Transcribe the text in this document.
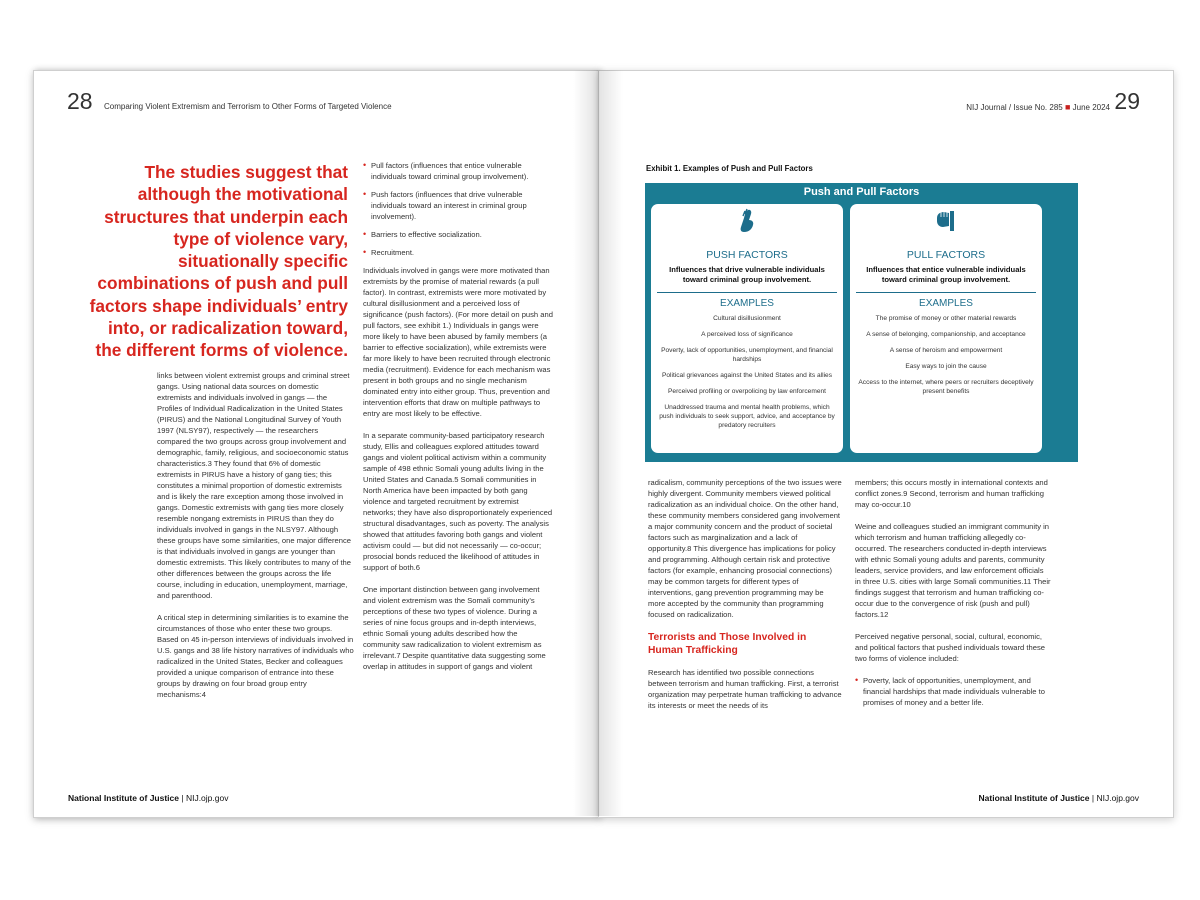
28 Comparing Violent Extremism and Terrorism to Other Forms of Targeted Violence
The studies suggest that although the motivational structures that underpin each type of violence vary, situationally specific combinations of push and pull factors shape individuals’ entry into, or radicalization toward, the different forms of violence.

links between violent extremist groups and criminal street gangs. Using national data sources on domestic extremists and individuals involved in gangs — the Profiles of Individual Radicalization in the United States (PIRUS) and the National Longitudinal Survey of Youth 1997 (NLSY97), respectively — the researchers compared the two groups across group involvement and demographic, family, religious, and socioeconomic status characteristics.3 They found that 6% of domestic extremists in PIRUS have a history of gang ties; this constitutes a minimal proportion of domestic extremists and is likely the rare exception among those involved in gangs. Domestic extremists with gang ties more closely resemble nongang extremists in PIRUS than they do individuals involved in gangs in the NLSY97. Although these groups have some similarities, one major difference is that individuals involved in gangs are younger than domestic extremists. This likely contributes to many of the other differences between the groups across the life course, including in education, unemployment, marriage, and parenthood.

A critical step in determining similarities is to examine the circumstances of those who enter these two groups. Based on 45 in-person interviews of individuals involved in U.S. gangs and 38 life history narratives of individuals who radicalized in the United States, Becker and colleagues provided a unique comparison of entrance into these groups by drawing on four broad group entry mechanisms:4

• Pull factors (influences that entice vulnerable individuals toward criminal group involvement).
• Push factors (influences that drive vulnerable individuals toward an interest in criminal group involvement).
• Barriers to effective socialization.
• Recruitment.

Individuals involved in gangs were more motivated than extremists by the promise of material rewards (a pull factor). In contrast, extremists were more motivated by cultural disillusionment and a perceived loss of significance (push factors). (For more detail on push and pull factors, see exhibit 1.) Individuals in gangs were more likely to have been abused by family members (a barrier to effective socialization), while extremists were far more likely to have been recruited through electronic media (recruitment). Evidence for each mechanism was present in both groups and no single mechanism dominated entry into either group. Thus, prevention and intervention efforts that draw on multiple pathways to entry are most likely to be effective.

In a separate community-based participatory research study, Ellis and colleagues explored attitudes toward gangs and violent political activism within a community sample of 498 ethnic Somali young adults living in the United States and Canada.5 Somali communities in North America have been impacted by both gang violence and targeted recruitment by extremist networks; they have also disproportionately experienced structural disadvantages, such as poverty. The analysis showed that attitudes favoring both gangs and violent activism could — but did not necessarily — co-occur; prosocial bonds reduced the likelihood of attitudes in support of both.6

One important distinction between gang involvement and violent extremism was the Somali community’s perceptions of these two types of violence. During a series of nine focus groups and in-depth interviews, ethnic Somali young adults described how the community saw radicalization to violent extremism as irrelevant.7 Despite quantitative data suggesting some overlap in attitudes in support of gangs and violent

National Institute of Justice | NIJ.ojp.gov
NIJ Journal / Issue No. 285 ■ June 2024 29
Exhibit 1. Examples of Push and Pull Factors
Push and Pull Factors
PUSH FACTORS
Influences that drive vulnerable individuals toward criminal group involvement.
EXAMPLES
Cultural disillusionment
A perceived loss of significance
Poverty, lack of opportunities, unemployment, and financial hardships
Political grievances against the United States and its allies
Perceived profiling or overpolicing by law enforcement
Unaddressed trauma and mental health problems, which push individuals to seek support, advice, and acceptance by predatory recruiters
PULL FACTORS
Influences that entice vulnerable individuals toward criminal group involvement.
EXAMPLES
The promise of money or other material rewards
A sense of belonging, companionship, and acceptance
A sense of heroism and empowerment
Easy ways to join the cause
Access to the internet, where peers or recruiters deceptively present benefits

radicalism, community perceptions of the two issues were highly divergent. Community members viewed political radicalization as an individual choice. On the other hand, these community members considered gang involvement a major community concern and the product of societal factors such as marginalization and a lack of opportunity.8 This divergence has implications for policy and programming. Although certain risk and protective factors (for example, enhancing prosocial connections) may be common targets for different types of interventions, gang prevention programming may be more accepted by the community than programming focused on radicalization.

Terrorists and Those Involved in Human Trafficking

Research has identified two possible connections between terrorism and human trafficking. First, a terrorist organization may perpetrate human trafficking to advance its interests or meet the needs of its

members; this occurs mostly in international contexts and conflict zones.9 Second, terrorism and human trafficking may co-occur.10

Weine and colleagues studied an immigrant community in which terrorism and human trafficking allegedly co-occurred. The researchers conducted in-depth interviews with ethnic Somali young adults and parents, community leaders, service providers, and law enforcement officials in three U.S. cities with large Somali communities.11 Their findings suggest that terrorism and human trafficking co-occur due to the convergence of risk (push and pull) factors.12

Perceived negative personal, social, cultural, economic, and political factors that pushed individuals toward these two forms of violence included:

• Poverty, lack of opportunities, unemployment, and financial hardships that made individuals vulnerable to promises of money and a better life.
National Institute of Justice | NIJ.ojp.gov
